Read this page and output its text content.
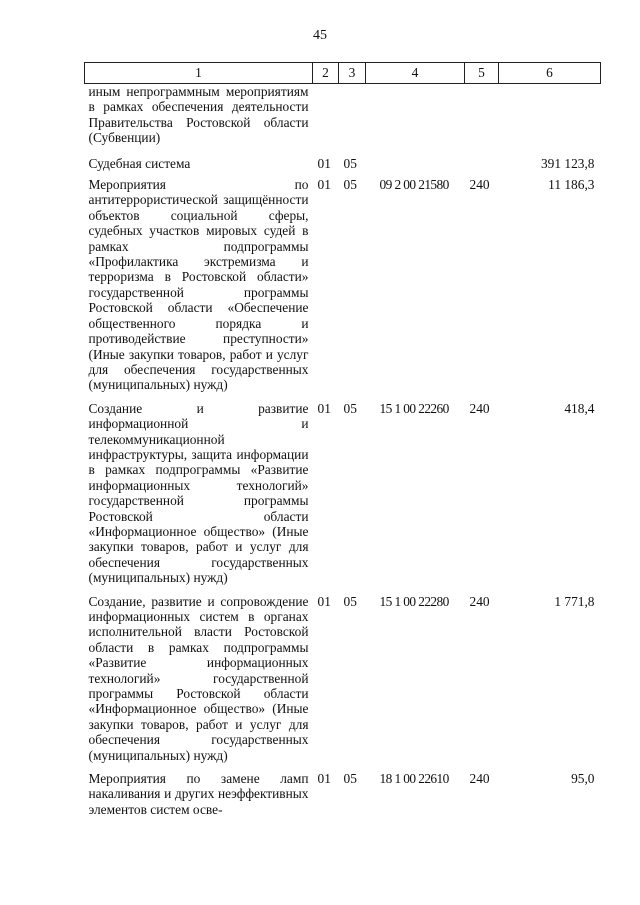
45
1	2	3	4	5	6
иным непрограммным мероприятиям в рамках обеспечения деятельности Правительства Ростовской области (Субвенции)					
Судебная система	01	05			391 123,8
Мероприятия по антитеррористической защищённости объектов социальной сферы, судебных участков мировых судей в рамках подпрограммы «Профилактика экстремизма и терроризма в Ростовской области» государственной программы Ростовской области «Обеспечение общественного порядка и противодействие преступности» (Иные закупки товаров, работ и услуг для обеспечения государственных (муниципальных) нужд)	01	05	09 2 00 21580	240	11 186,3
Создание и развитие информационной и телекоммуникационной инфраструктуры, защита информации в рамках подпрограммы «Развитие информационных технологий» государственной программы Ростовской области «Информационное общество» (Иные закупки товаров, работ и услуг для обеспечения государственных (муниципальных) нужд)	01	05	15 1 00 22260	240	418,4
Создание, развитие и сопровождение информационных систем в органах исполнительной власти Ростовской области в рамках подпрограммы «Развитие информационных технологий» государственной программы Ростовской области «Информационное общество» (Иные закупки товаров, работ и услуг для обеспечения государственных (муниципальных) нужд)	01	05	15 1 00 22280	240	1 771,8
Мероприятия по замене ламп накаливания и других неэффективных элементов систем осве-	01	05	18 1 00 22610	240	95,0
